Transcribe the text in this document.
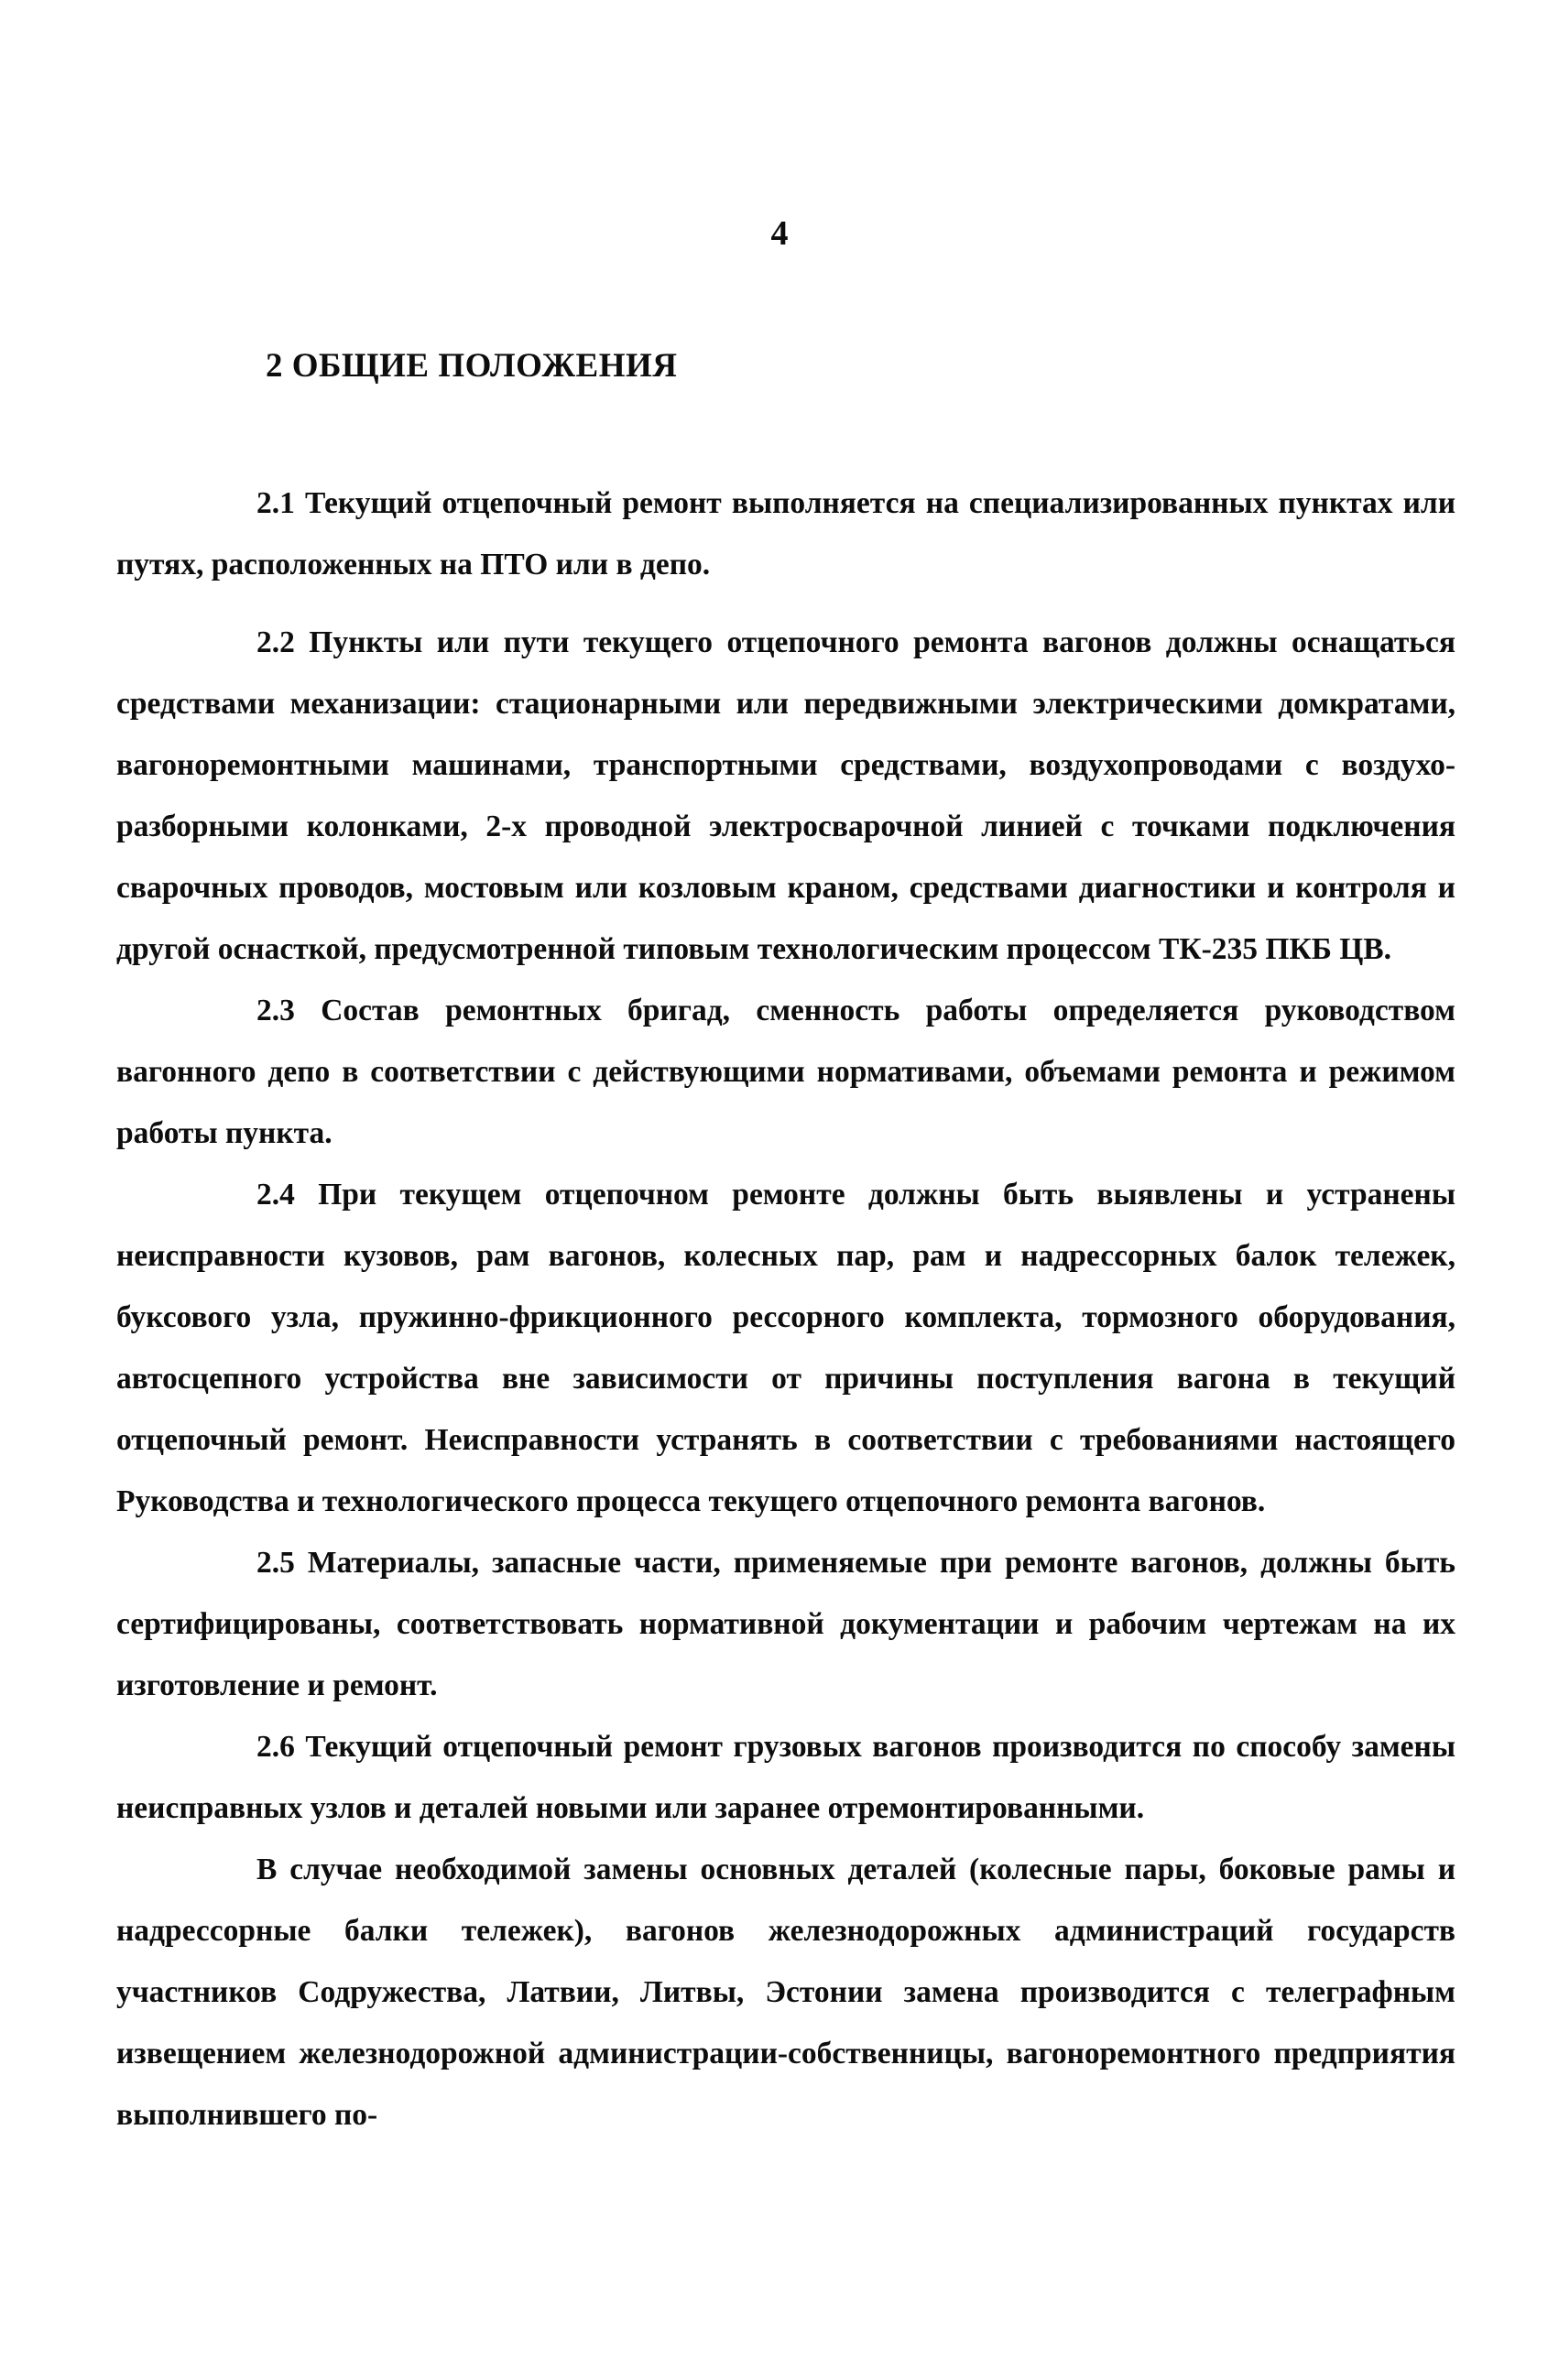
4
2 ОБЩИЕ ПОЛОЖЕНИЯ

2.1 Текущий отцепочный ремонт выполняется на специализированных пунктах или путях, расположенных на ПТО или в депо.

2.2 Пункты или пути текущего отцепочного ремонта вагонов должны оснащаться средствами механизации: стационарными или передвижными электрическими домкратами, вагоноремонтными машинами, транспортными средствами, воздухопроводами с воздухо-разборными колонками, 2-х проводной электросварочной линией с точками подключения сварочных проводов, мостовым или козловым краном, средствами диагностики и контроля и другой оснасткой, предусмотренной типовым технологическим процессом ТК-235 ПКБ ЦВ.

2.3 Состав ремонтных бригад, сменность работы определяется руководством вагонного депо в соответствии с действующими нормативами, объемами ремонта и режимом работы пункта.

2.4 При текущем отцепочном ремонте должны быть выявлены и устранены неисправности кузовов, рам вагонов, колесных пар, рам и надрессорных балок тележек, буксового узла, пружинно-фрикционного рессорного комплекта, тормозного оборудования, автосцепного устройства вне зависимости от причины поступления вагона в текущий отцепочный ремонт. Неисправности устранять в соответствии с требованиями настоящего Руководства и технологического процесса текущего отцепочного ремонта вагонов.

2.5 Материалы, запасные части, применяемые при ремонте вагонов, должны быть сертифицированы, соответствовать нормативной документации и рабочим чертежам на их изготовление и ремонт.

2.6 Текущий отцепочный ремонт грузовых вагонов производится по способу замены неисправных узлов и деталей новыми или заранее отремонтированными.

В случае необходимой замены основных деталей (колесные пары, боковые рамы и надрессорные балки тележек), вагонов железнодорожных администраций государств участников Содружества, Латвии, Литвы, Эстонии замена производится с телеграфным извещением железнодорожной администрации-собственницы, вагоноремонтного предприятия выполнившего по-
